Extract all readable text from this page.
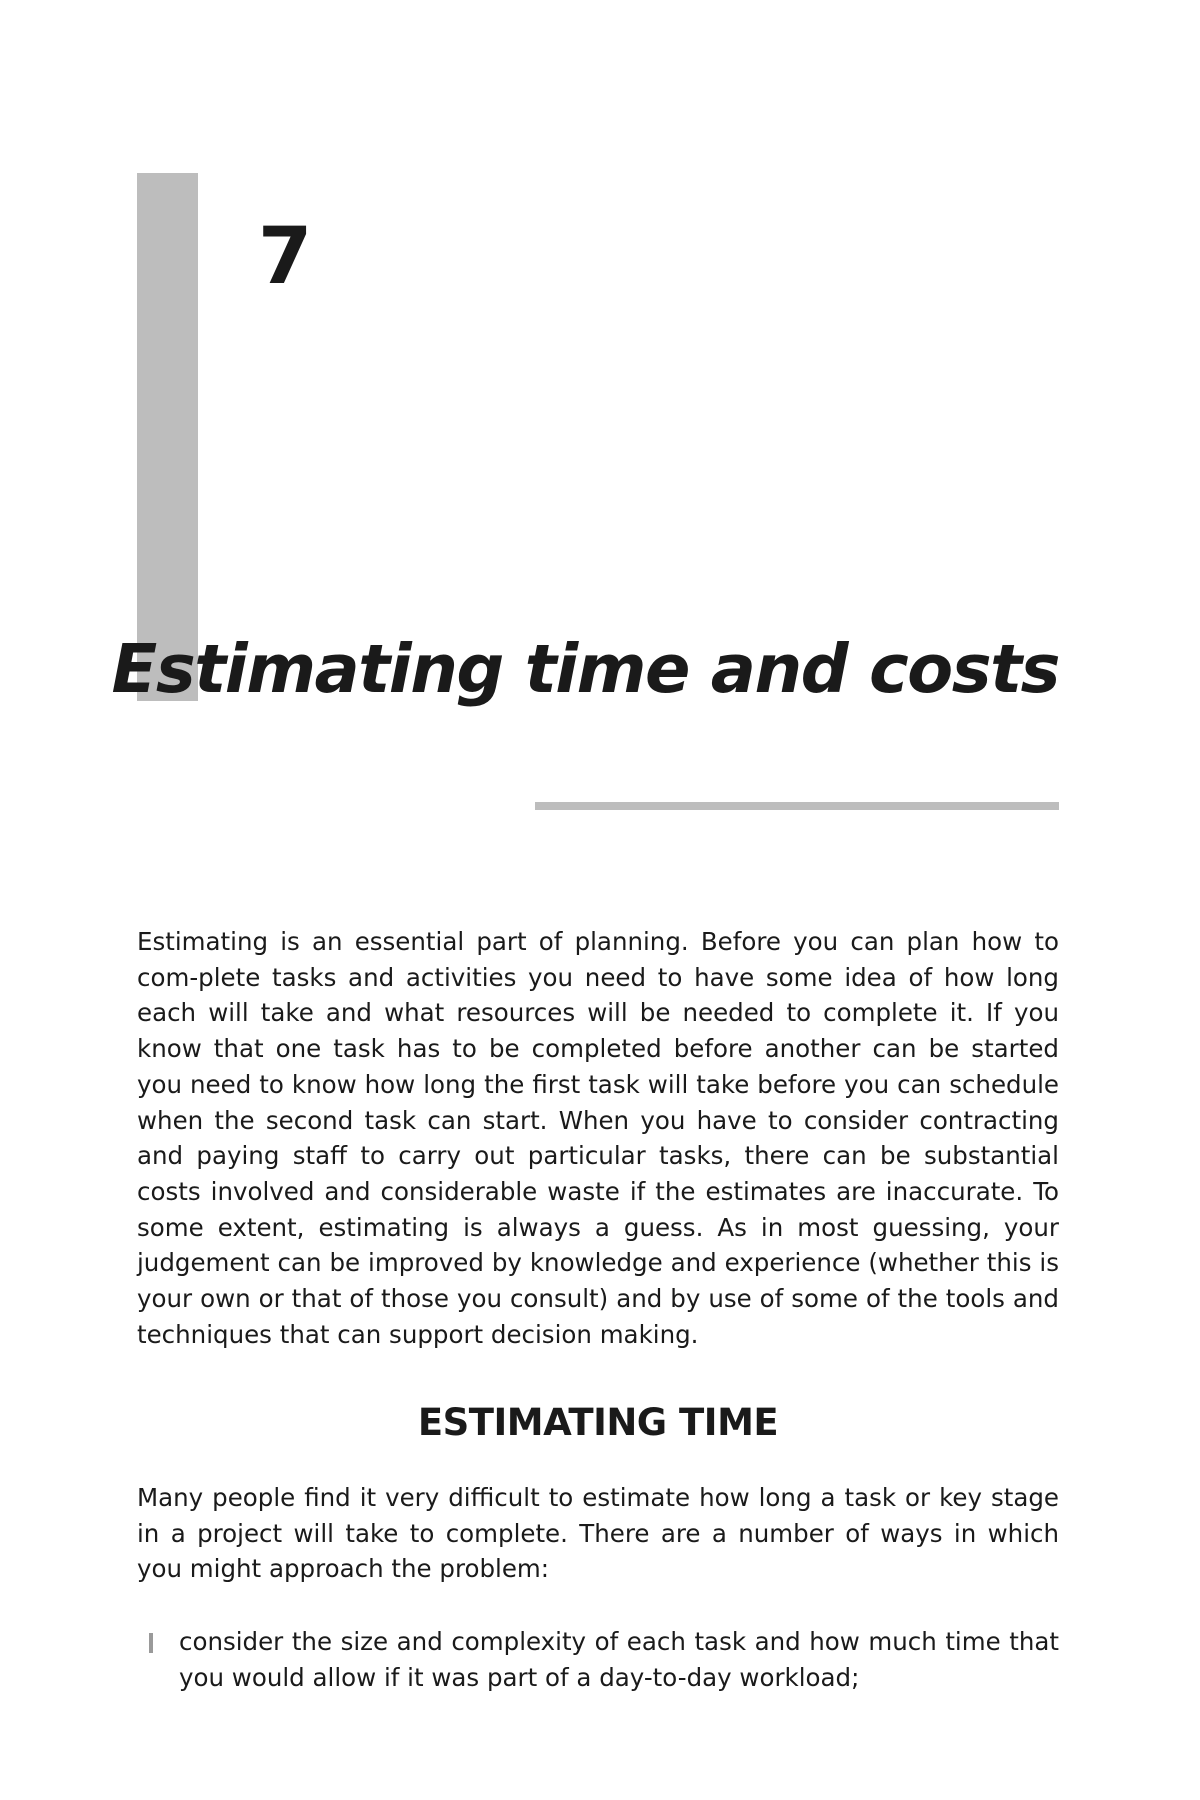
7
Estimating time and costs

Estimating is an essential part of planning. Before you can plan how to com-plete tasks and activities you need to have some idea of how long each will take and what resources will be needed to complete it. If you know that one task has to be completed before another can be started you need to know how long the first task will take before you can schedule when the second task can start. When you have to consider contracting and paying staff to carry out particular tasks, there can be substantial costs involved and considerable waste if the estimates are inaccurate. To some extent, estimating is always a guess. As in most guessing, your judgement can be improved by knowledge and experience (whether this is your own or that of those you consult) and by use of some of the tools and techniques that can support decision making.

ESTIMATING TIME

Many people find it very difficult to estimate how long a task or key stage in a project will take to complete. There are a number of ways in which you might approach the problem:

consider the size and complexity of each task and how much time that you would allow if it was part of a day-to-day workload;
